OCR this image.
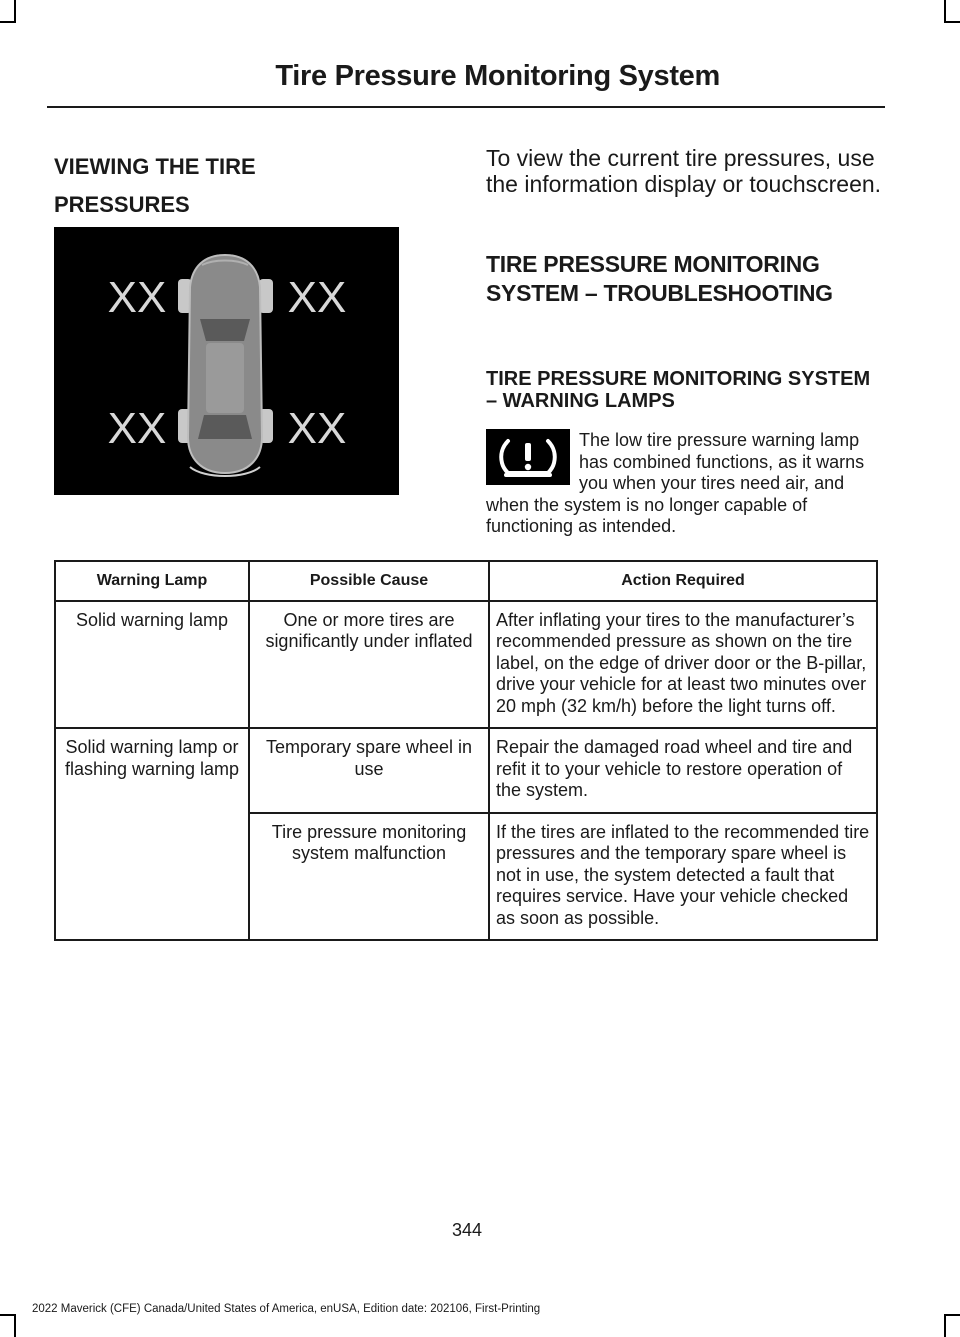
Tire Pressure Monitoring System
VIEWING THE TIRE PRESSURES
XX	XX
XX	XX
To view the current tire pressures, use the information display or touchscreen.
TIRE PRESSURE MONITORING SYSTEM – TROUBLESHOOTING
TIRE PRESSURE MONITORING SYSTEM – WARNING LAMPS
The low tire pressure warning lamp has combined functions, as it warns you when your tires need air, and when the system is no longer capable of functioning as intended.
Warning Lamp	Possible Cause	Action Required
Solid warning lamp	One or more tires are significantly under inflated	After inflating your tires to the manufacturer’s recommended pressure as shown on the tire label, on the edge of driver door or the B-pillar, drive your vehicle for at least two minutes over 20 mph (32 km/h) before the light turns off.
Solid warning lamp or flashing warning lamp	Temporary spare wheel in use	Repair the damaged road wheel and tire and refit it to your vehicle to restore operation of the system.
	Tire pressure monitoring system malfunction	If the tires are inflated to the recommended tire pressures and the temporary spare wheel is not in use, the system detected a fault that requires service. Have your vehicle checked as soon as possible.
344
2022 Maverick (CFE) Canada/United States of America, enUSA, Edition date: 202106, First-Printing
